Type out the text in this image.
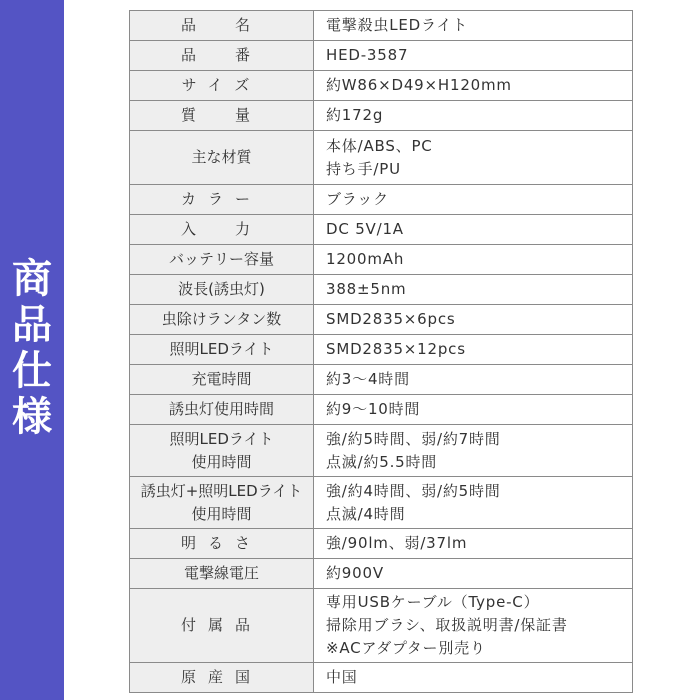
商
品
仕
様
品　名	電撃殺虫LEDライト

品　番	HED-3587

サイズ	約W86×D49×H120mm

質　量	約172g

主な材質	本体/ABS、PC
持ち手/PU

カラー	ブラック

入　力	DC 5V/1A

バッテリー容量	1200mAh

波長(誘虫灯)	388±5nm

虫除けランタン数	SMD2835×6pcs

照明LEDライト	SMD2835×12pcs

充電時間	約3～4時間

誘虫灯使用時間	約9～10時間

照明LEDライト
使用時間	強/約5時間、弱/約7時間
点滅/約5.5時間

誘虫灯+照明LEDライト
使用時間	強/約4時間、弱/約5時間
点滅/4時間

明るさ	強/90lm、弱/37lm

電撃線電圧	約900V

付属品	専用USBケーブル（Type-C）
掃除用ブラシ、取扱説明書/保証書
※ACアダプター別売り

原産国	中国
